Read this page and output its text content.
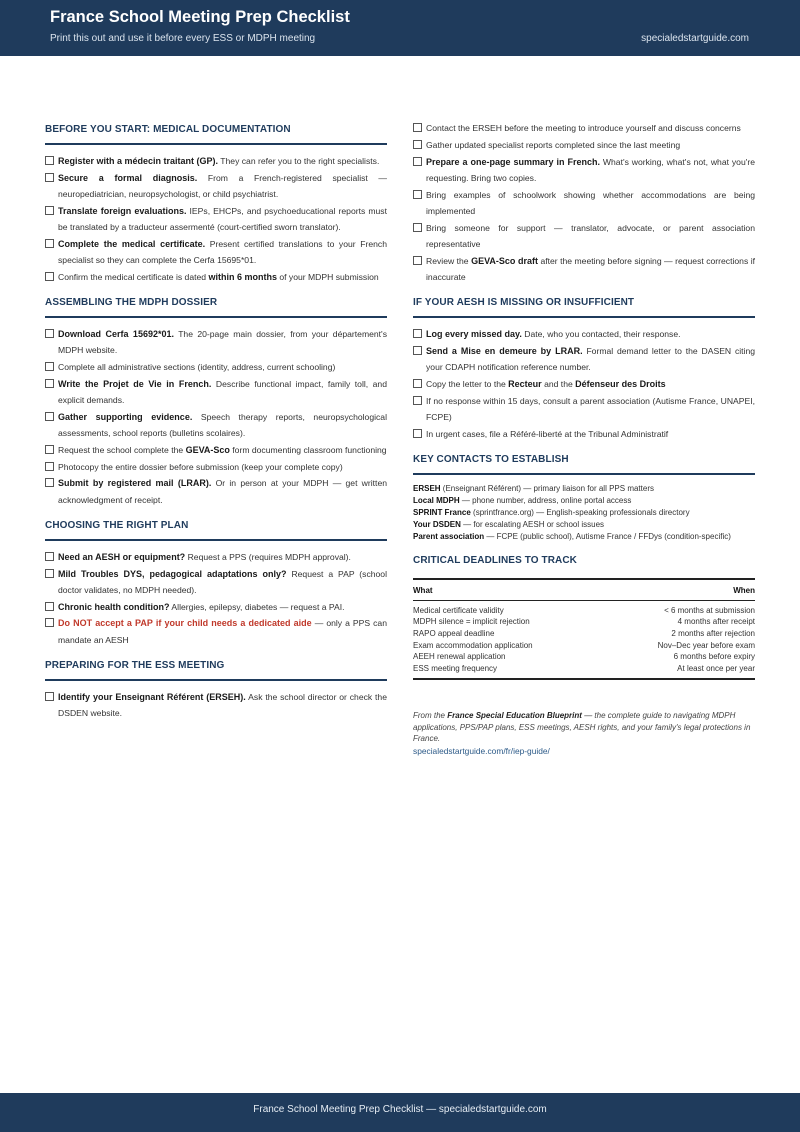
France School Meeting Prep Checklist
Print this out and use it before every ESS or MDPH meeting	specialedstartguide.com
BEFORE YOU START: MEDICAL DOCUMENTATION
Register with a médecin traitant (GP). They can refer you to the right specialists.
Secure a formal diagnosis. From a French-registered specialist — neuropediatrician, neuropsychologist, or child psychiatrist.
Translate foreign evaluations. IEPs, EHCPs, and psychoeducational reports must be translated by a traducteur assermenté (court-certified sworn translator).
Complete the medical certificate. Present certified translations to your French specialist so they can complete the Cerfa 15695*01.
Confirm the medical certificate is dated within 6 months of your MDPH submission
ASSEMBLING THE MDPH DOSSIER
Download Cerfa 15692*01. The 20-page main dossier, from your département's MDPH website.
Complete all administrative sections (identity, address, current schooling)
Write the Projet de Vie in French. Describe functional impact, family toll, and explicit demands.
Gather supporting evidence. Speech therapy reports, neuropsychological assessments, school reports (bulletins scolaires).
Request the school complete the GEVA-Sco form documenting classroom functioning
Photocopy the entire dossier before submission (keep your complete copy)
Submit by registered mail (LRAR). Or in person at your MDPH — get written acknowledgment of receipt.
CHOOSING THE RIGHT PLAN
Need an AESH or equipment? Request a PPS (requires MDPH approval).
Mild Troubles DYS, pedagogical adaptations only? Request a PAP (school doctor validates, no MDPH needed).
Chronic health condition? Allergies, epilepsy, diabetes — request a PAI.
Do NOT accept a PAP if your child needs a dedicated aide — only a PPS can mandate an AESH
PREPARING FOR THE ESS MEETING
Identify your Enseignant Référent (ERSEH). Ask the school director or check the DSDEN website.
Contact the ERSEH before the meeting to introduce yourself and discuss concerns
Gather updated specialist reports completed since the last meeting
Prepare a one-page summary in French. What's working, what's not, what you're requesting. Bring two copies.
Bring examples of schoolwork showing whether accommodations are being implemented
Bring someone for support — translator, advocate, or parent association representative
Review the GEVA-Sco draft after the meeting before signing — request corrections if inaccurate
IF YOUR AESH IS MISSING OR INSUFFICIENT
Log every missed day. Date, who you contacted, their response.
Send a Mise en demeure by LRAR. Formal demand letter to the DASEN citing your CDAPH notification reference number.
Copy the letter to the Recteur and the Défenseur des Droits
If no response within 15 days, consult a parent association (Autisme France, UNAPEI, FCPE)
In urgent cases, file a Référé-liberté at the Tribunal Administratif
KEY CONTACTS TO ESTABLISH
ERSEH (Enseignant Référent) — primary liaison for all PPS matters
Local MDPH — phone number, address, online portal access
SPRINT France (sprintfrance.org) — English-speaking professionals directory
Your DSDEN — for escalating AESH or school issues
Parent association — FCPE (public school), Autisme France / FFDys (condition-specific)
CRITICAL DEADLINES TO TRACK
What	When
Medical certificate validity	< 6 months at submission
MDPH silence = implicit rejection	4 months after receipt
RAPO appeal deadline	2 months after rejection
Exam accommodation application	Nov–Dec year before exam
AEEH renewal application	6 months before expiry
ESS meeting frequency	At least once per year
From the France Special Education Blueprint — the complete guide to navigating MDPH applications, PPS/PAP plans, ESS meetings, AESH rights, and your family's legal protections in France.
specialedstartguide.com/fr/iep-guide/
France School Meeting Prep Checklist — specialedstartguide.com
